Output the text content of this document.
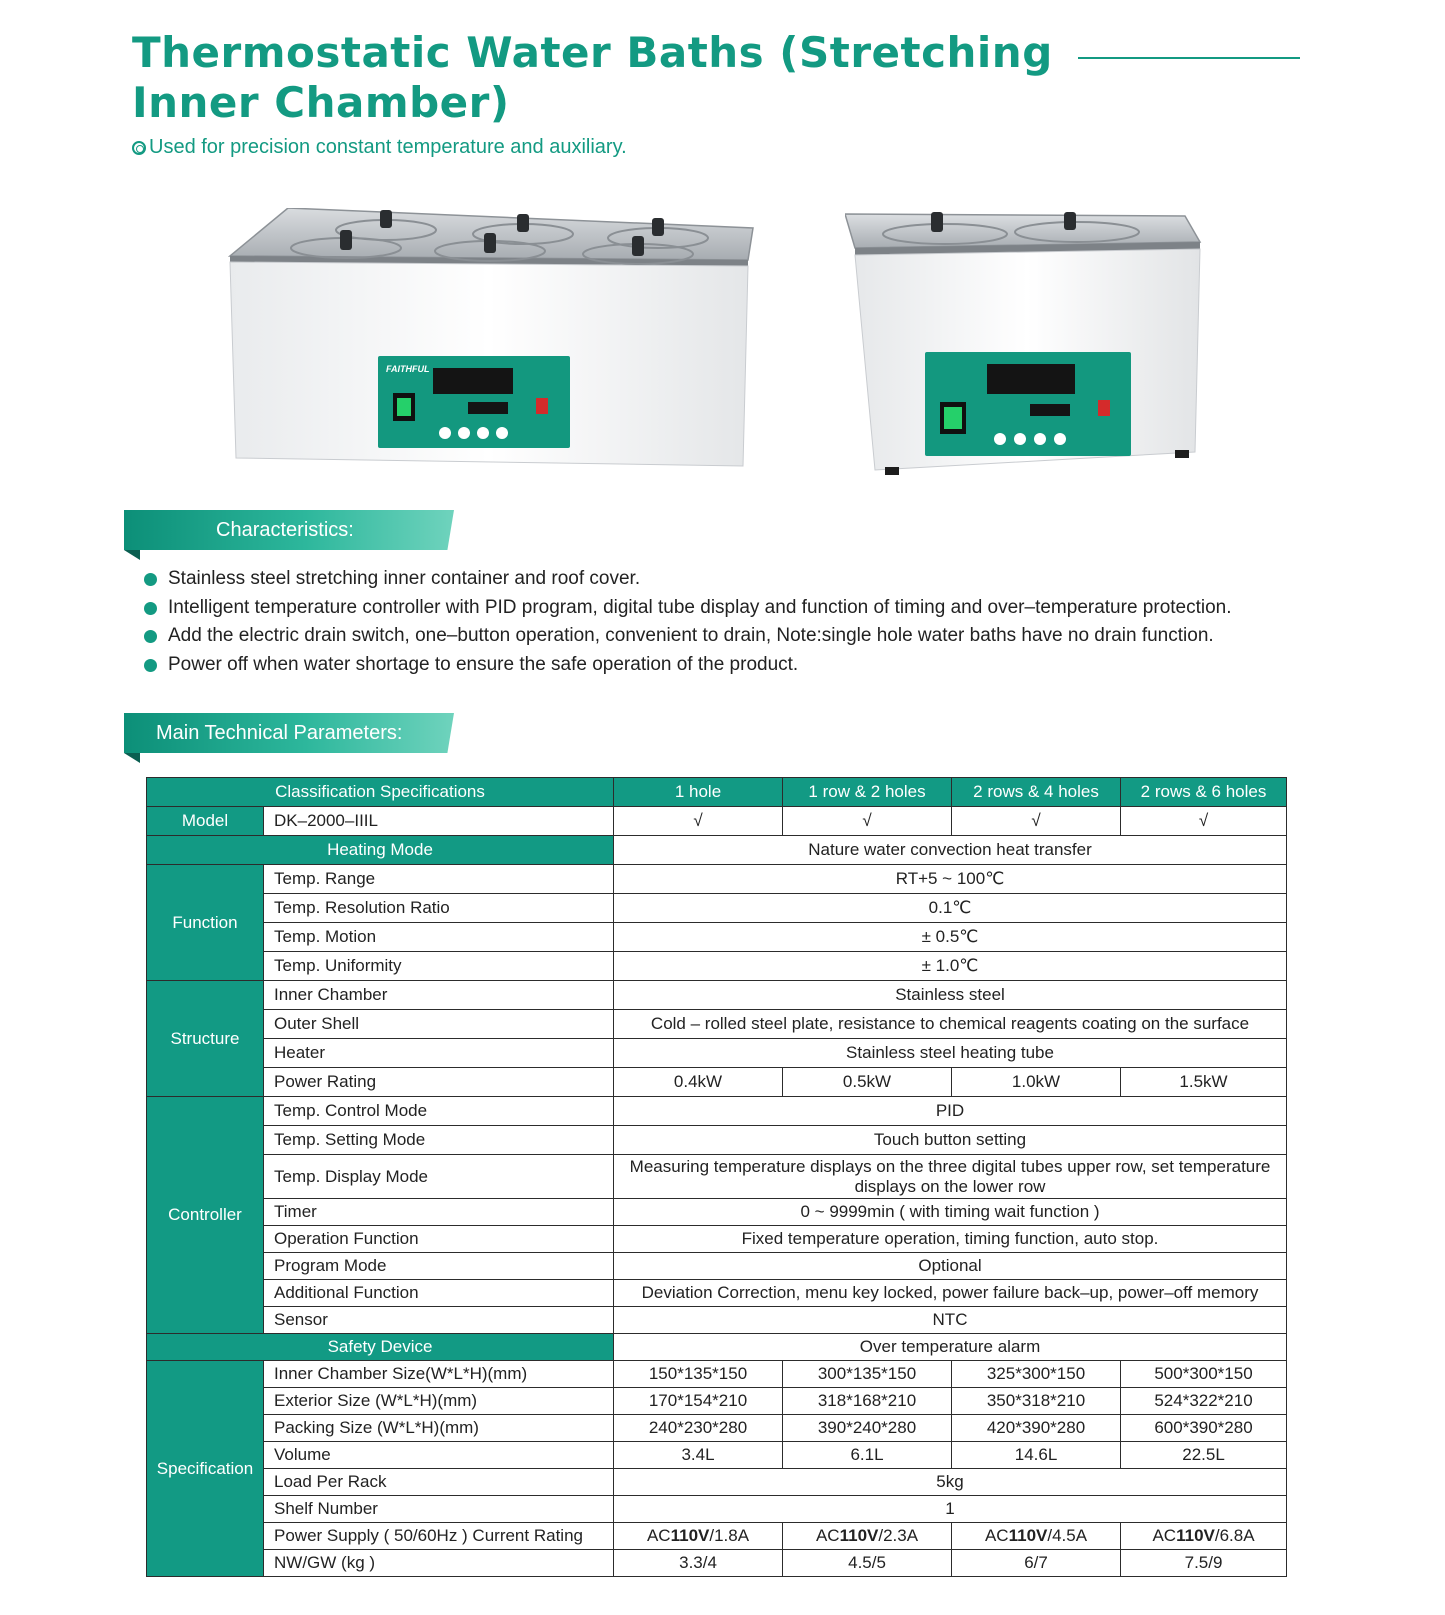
Thermostatic Water Baths (Stretching Inner Chamber)
Used for precision constant temperature and auxiliary.
FAITHFUL
Characteristics:
Stainless steel stretching inner container and roof cover.
Intelligent temperature controller with PID program, digital tube display and function of timing and over–temperature protection.
Add the electric drain switch, one–button operation, convenient to drain, Note:single hole water baths have no drain function.
Power off when water shortage to ensure the safe operation of the product.
Main Technical Parameters:
Classification Specifications		1 hole	1 row & 2 holes	2 rows & 4 holes	2 rows & 6 holes
Model	DK–2000–IIIL	√	√	√	√
Heating Mode		Nature water convection heat transfer			
Function	Temp. Range	RT+5 ~ 100℃			
	Temp. Resolution Ratio	0.1℃			
	Temp. Motion	± 0.5℃			
	Temp. Uniformity	± 1.0℃			
Structure	Inner Chamber	Stainless steel			
	Outer Shell	Cold – rolled steel plate, resistance to chemical reagents coating on the surface			
	Heater	Stainless steel heating tube			
	Power Rating	0.4kW	0.5kW	1.0kW	1.5kW
Controller	Temp. Control Mode	PID			
	Temp. Setting Mode	Touch button setting			
	Temp. Display Mode	Measuring temperature displays on the three digital tubes upper row, set temperature displays on the lower row			
	Timer	0 ~ 9999min ( with timing wait function )			
	Operation Function	Fixed temperature operation, timing function, auto stop.			
	Program Mode	Optional			
	Additional Function	Deviation Correction, menu key locked, power failure back–up, power–off memory			
	Sensor	NTC			
Safety Device		Over temperature alarm			
Specification	Inner Chamber Size(W*L*H)(mm)	150*135*150	300*135*150	325*300*150	500*300*150
	Exterior Size (W*L*H)(mm)	170*154*210	318*168*210	350*318*210	524*322*210
	Packing Size (W*L*H)(mm)	240*230*280	390*240*280	420*390*280	600*390*280
	Volume	3.4L	6.1L	14.6L	22.5L
	Load Per Rack	5kg			
	Shelf Number	1			
	Power Supply ( 50/60Hz ) Current Rating	AC110V/1.8A	AC110V/2.3A	AC110V/4.5A	AC110V/6.8A
	NW/GW (kg )	3.3/4	4.5/5	6/7	7.5/9
